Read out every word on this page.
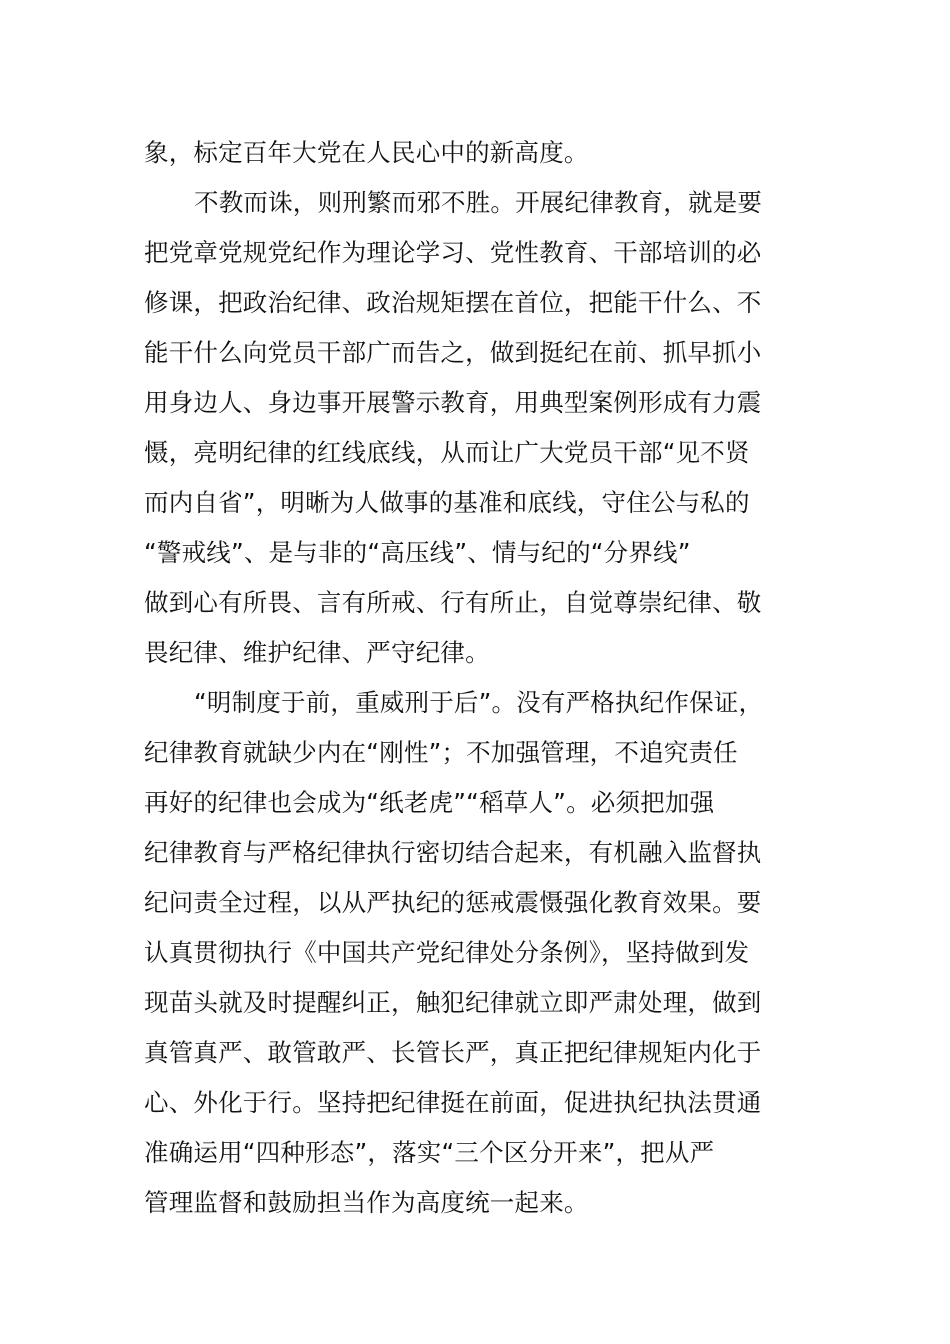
象，标定百年大党在人民心中的新高度。
不教而诛，则刑繁而邪不胜。开展纪律教育，就是要
把党章党规党纪作为理论学习、党性教育、干部培训的必
修课，把政治纪律、政治规矩摆在首位，把能干什么、不
能干什么向党员干部广而告之，做到挺纪在前、抓早抓小
用身边人、身边事开展警示教育，用典型案例形成有力震
慑，亮明纪律的红线底线，从而让广大党员干部“见不贤
而内自省”，明晰为人做事的基准和底线，守住公与私的
“警戒线”、是与非的“高压线”、情与纪的“分界线”
做到心有所畏、言有所戒、行有所止，自觉尊崇纪律、敬
畏纪律、维护纪律、严守纪律。
“明制度于前，重威刑于后”。没有严格执纪作保证，
纪律教育就缺少内在“刚性”；不加强管理，不追究责任
再好的纪律也会成为“纸老虎”“稻草人”。必须把加强
纪律教育与严格纪律执行密切结合起来，有机融入监督执
纪问责全过程，以从严执纪的惩戒震慑强化教育效果。要
认真贯彻执行《中国共产党纪律处分条例》，坚持做到发
现苗头就及时提醒纠正，触犯纪律就立即严肃处理，做到
真管真严、敢管敢严、长管长严，真正把纪律规矩内化于
心、外化于行。坚持把纪律挺在前面，促进执纪执法贯通
准确运用“四种形态”，落实“三个区分开来”，把从严
管理监督和鼓励担当作为高度统一起来。
